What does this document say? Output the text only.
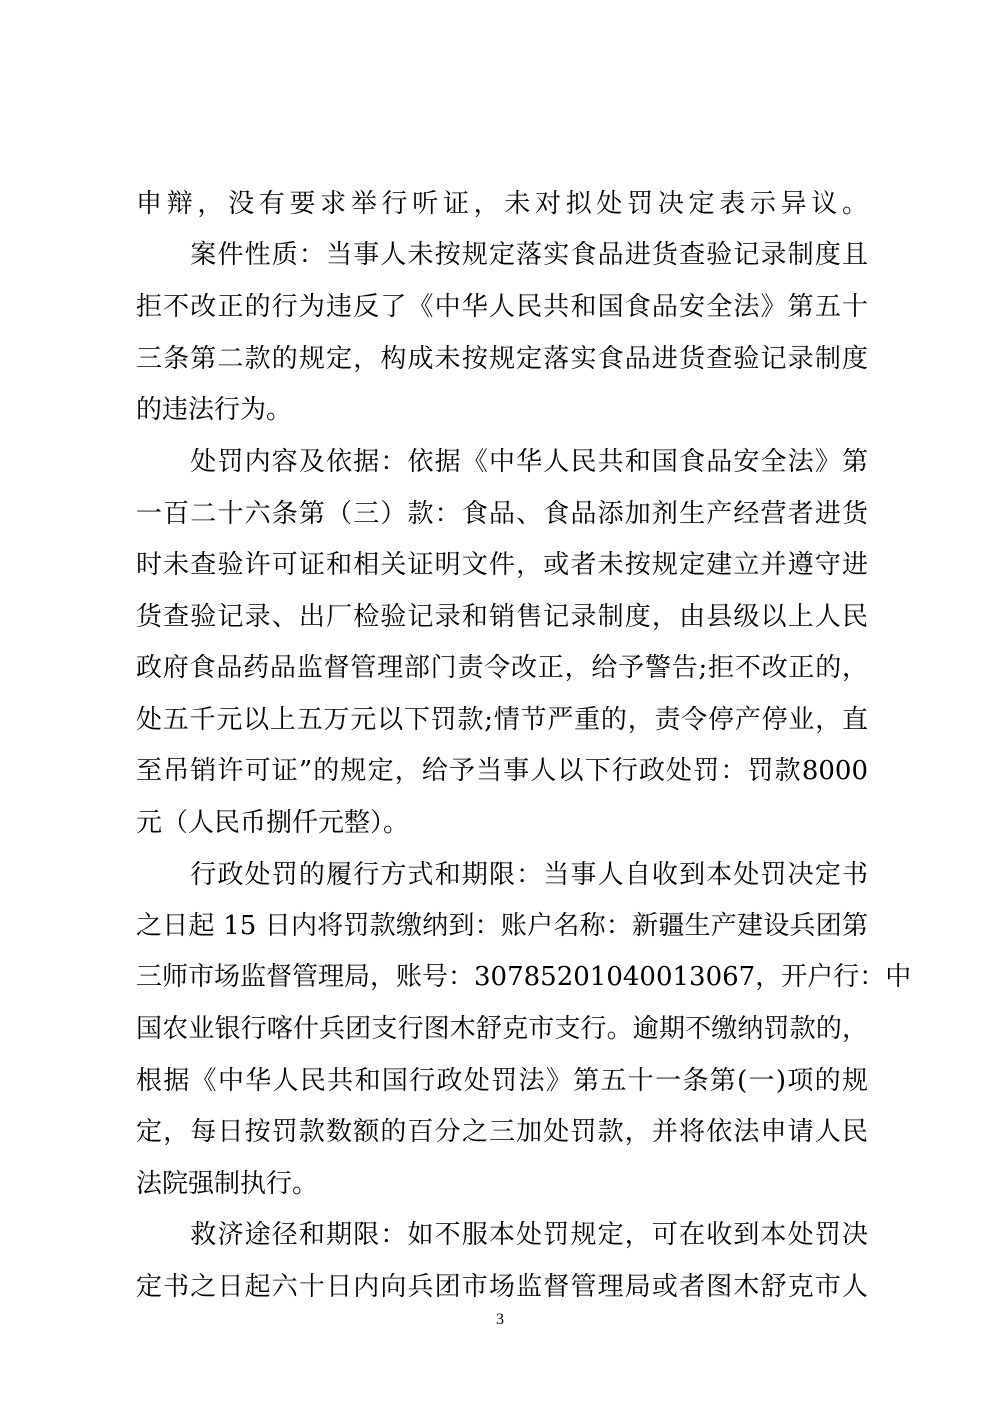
申辩，没有要求举行听证，未对拟处罚决定表示异议。
　　案件性质：当事人未按规定落实食品进货查验记录制度且
拒不改正的行为违反了《中华人民共和国食品安全法》第五十
三条第二款的规定，构成未按规定落实食品进货查验记录制度
的违法行为。
　　处罚内容及依据：依据《中华人民共和国食品安全法》第
一百二十六条第（三）款：食品、食品添加剂生产经营者进货
时未查验许可证和相关证明文件，或者未按规定建立并遵守进
货查验记录、出厂检验记录和销售记录制度，由县级以上人民
政府食品药品监督管理部门责令改正，给予警告;拒不改正的，
处五千元以上五万元以下罚款;情节严重的，责令停产停业，直
至吊销许可证”的规定，给予当事人以下行政处罚：罚款8000
元（人民币捌仟元整）。
　　行政处罚的履行方式和期限：当事人自收到本处罚决定书
之日起 15 日内将罚款缴纳到：账户名称：新疆生产建设兵团第
三师市场监督管理局，账号：30785201040013067，开户行：中
国农业银行喀什兵团支行图木舒克市支行。逾期不缴纳罚款的，
根据《中华人民共和国行政处罚法》第五十一条第(一)项的规
定，每日按罚款数额的百分之三加处罚款，并将依法申请人民
法院强制执行。
　　救济途径和期限：如不服本处罚规定，可在收到本处罚决
定书之日起六十日内向兵团市场监督管理局或者图木舒克市人
3
